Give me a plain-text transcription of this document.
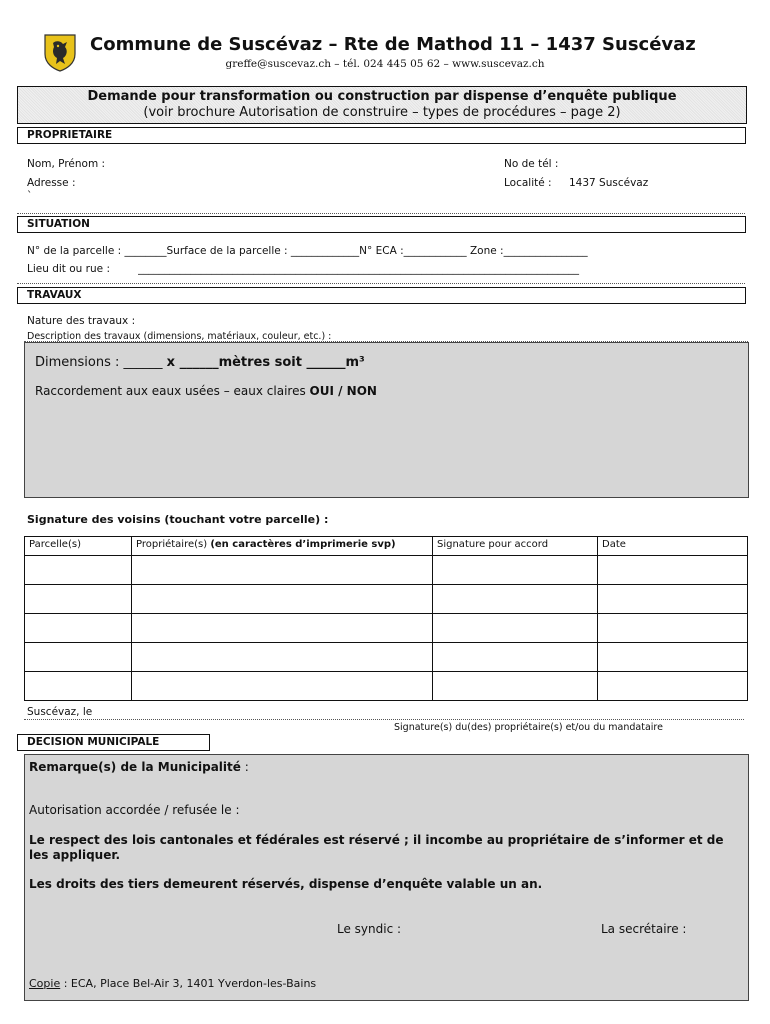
Commune de Suscévaz – Rte de Mathod 11 – 1437 Suscévaz
greffe@suscevaz.ch – tél. 024 445 05 62 – www.suscevaz.ch
Demande pour transformation ou construction par dispense d’enquête publique
(voir brochure Autorisation de construire – types de procédures – page 2)
PROPRIETAIRE
Nom, Prénom :
Adresse :
`
No de tél :
Localité : 1437 Suscévaz
SITUATION
N° de la parcelle : ________Surface de la parcelle : _____________N° ECA :____________ Zone :________________
Lieu dit ou rue :	____________________________________________________________________________________
TRAVAUX
Nature des travaux :
Description des travaux (dimensions, matériaux, couleur, etc.) :
Dimensions : ______ x ______mètres soit ______m³
Raccordement aux eaux usées – eaux claires OUI / NON
Signature des voisins (touchant votre parcelle) :
Parcelle(s)	Propriétaire(s) (en caractères d’imprimerie svp)	Signature pour accord	Date

Suscévaz, le
Signature(s) du(des) propriétaire(s) et/ou du mandataire
DECISION MUNICIPALE
Remarque(s) de la Municipalité :
Autorisation accordée / refusée le :
Le respect des lois cantonales et fédérales est réservé ; il incombe au propriétaire de s’informer et de les appliquer.
Les droits des tiers demeurent réservés, dispense d’enquête valable un an.
Le syndic :	La secrétaire :
Copie : ECA, Place Bel-Air 3, 1401 Yverdon-les-Bains
